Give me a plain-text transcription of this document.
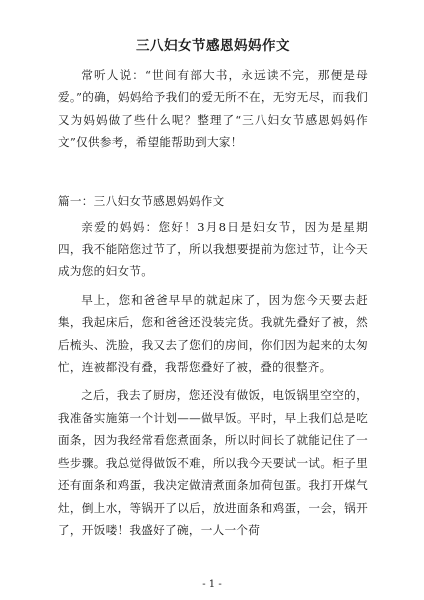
三八妇女节感恩妈妈作文

常听人说：“世间有部大书，永远读不完，那便是母爱。”的确，妈妈给予我们的爱无所不在，无穷无尽，而我们又为妈妈做了些什么呢？整理了“三八妇女节感恩妈妈作文”仅供参考，希望能帮助到大家！

篇一：三八妇女节感恩妈妈作文

亲爱的妈妈：您好！3月8日是妇女节，因为是星期四，我不能陪您过节了，所以我想要提前为您过节，让今天成为您的妇女节。

早上，您和爸爸早早的就起床了，因为您今天要去赶集，我起床后，您和爸爸还没装完货。我就先叠好了被，然后梳头、洗脸，我又去了您们的房间，你们因为起来的太匆忙，连被都没有叠，我帮您叠好了被，叠的很整齐。

之后，我去了厨房，您还没有做饭，电饭锅里空空的，我准备实施第一个计划——做早饭。平时，早上我们总是吃面条，因为我经常看您煮面条，所以时间长了就能记住了一些步骤。我总觉得做饭不难，所以我今天要试一试。柜子里还有面条和鸡蛋，我决定做清煮面条加荷包蛋。我打开煤气灶，倒上水，等锅开了以后，放进面条和鸡蛋，一会，锅开了，开饭喽！我盛好了碗，一人一个荷

- 1 -
